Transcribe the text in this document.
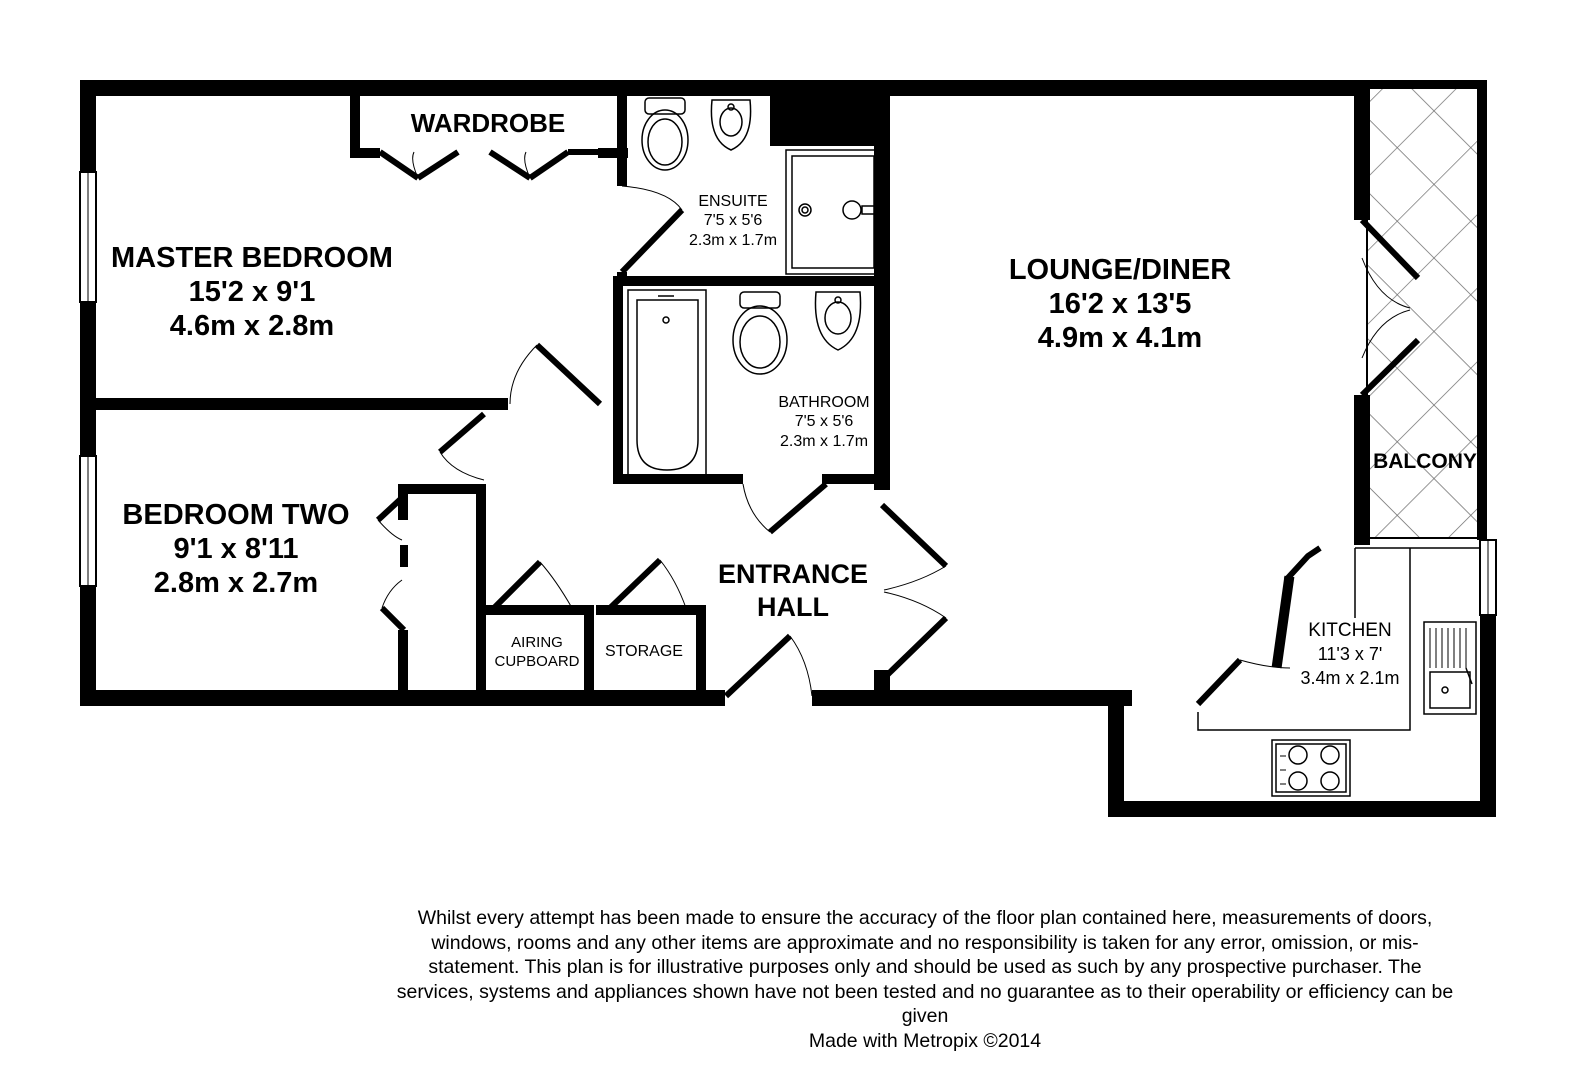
WARDROBE
MASTER BEDROOM
15'2 x 9'1
4.6m x 2.8m
ENSUITE
7'5 x 5'6
2.3m x 1.7m
BATHROOM
7'5 x 5'6
2.3m x 1.7m
LOUNGE/DINER
16'2 x 13'5
4.9m x 4.1m
BALCONY
BEDROOM TWO
9'1 x 8'11
2.8m x 2.7m	ENTRANCE
HALL
AIRING
CUPBOARD
STORAGE
KITCHEN
11'3 x 7'
3.4m x 2.1m
Whilst every attempt has been made to ensure the accuracy of the floor plan contained here, measurements of doors, windows, rooms and any other items are approximate and no responsibility is taken for any error, omission, or mis-statement. This plan is for illustrative purposes only and should be used as such by any prospective purchaser. The services, systems and appliances shown have not been tested and no guarantee as to their operability or efficiency can be given
Made with Metropix ©2014
